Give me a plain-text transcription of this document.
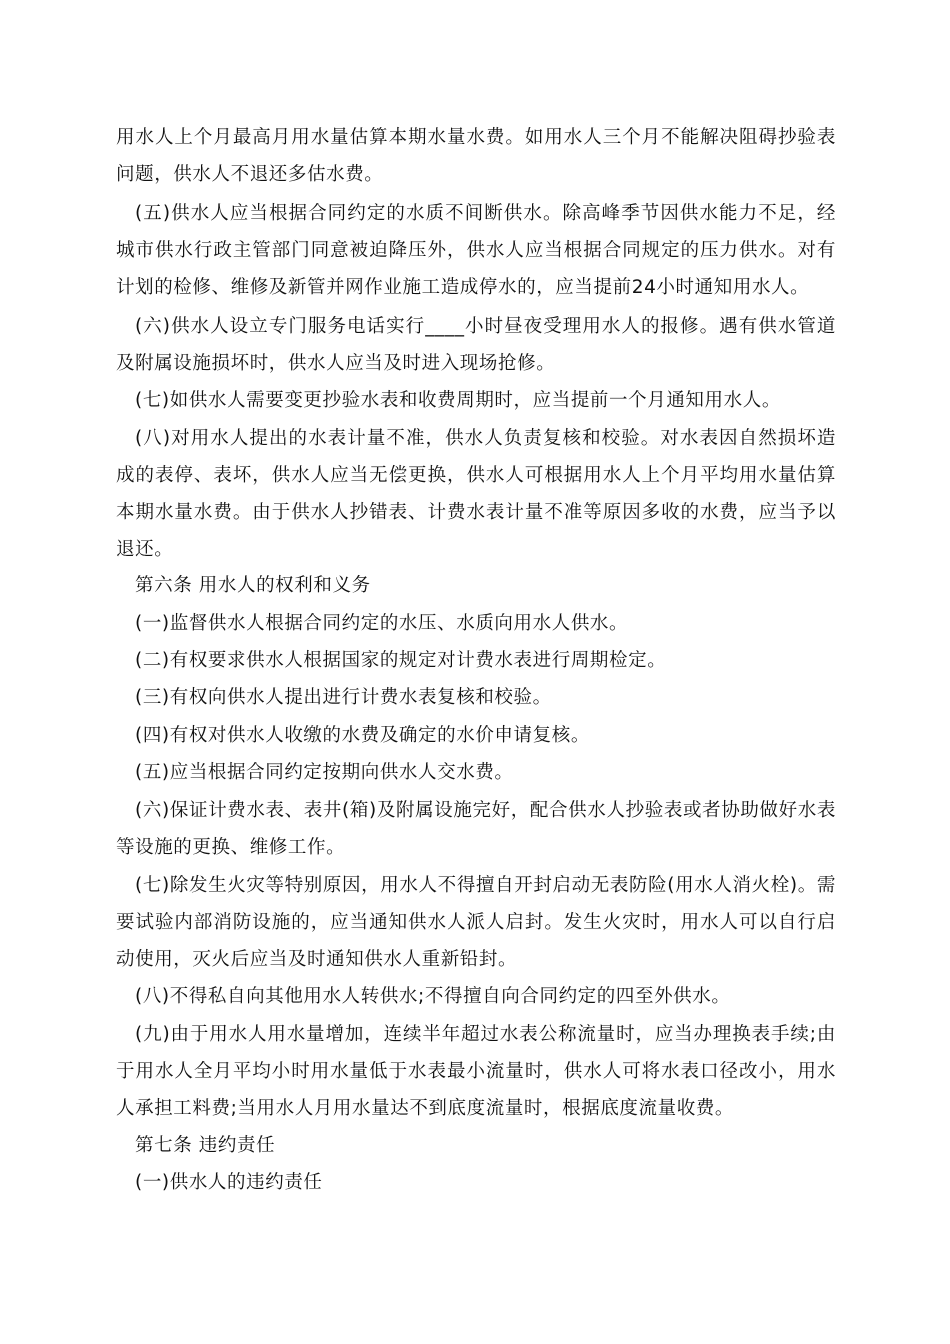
用水人上个月最高月用水量估算本期水量水费。如用水人三个月不能解决阻碍抄验表问题，供水人不退还多估水费。

(五)供水人应当根据合同约定的水质不间断供水。除高峰季节因供水能力不足，经城市供水行政主管部门同意被迫降压外，供水人应当根据合同规定的压力供水。对有计划的检修、维修及新管并网作业施工造成停水的，应当提前24小时通知用水人。

(六)供水人设立专门服务电话实行____小时昼夜受理用水人的报修。遇有供水管道及附属设施损坏时，供水人应当及时进入现场抢修。

(七)如供水人需要变更抄验水表和收费周期时，应当提前一个月通知用水人。

(八)对用水人提出的水表计量不准，供水人负责复核和校验。对水表因自然损坏造成的表停、表坏，供水人应当无偿更换，供水人可根据用水人上个月平均用水量估算本期水量水费。由于供水人抄错表、计费水表计量不准等原因多收的水费，应当予以退还。

第六条 用水人的权利和义务

(一)监督供水人根据合同约定的水压、水质向用水人供水。

(二)有权要求供水人根据国家的规定对计费水表进行周期检定。

(三)有权向供水人提出进行计费水表复核和校验。

(四)有权对供水人收缴的水费及确定的水价申请复核。

(五)应当根据合同约定按期向供水人交水费。

(六)保证计费水表、表井(箱)及附属设施完好，配合供水人抄验表或者协助做好水表等设施的更换、维修工作。

(七)除发生火灾等特别原因，用水人不得擅自开封启动无表防险(用水人消火栓)。需要试验内部消防设施的，应当通知供水人派人启封。发生火灾时，用水人可以自行启动使用，灭火后应当及时通知供水人重新铅封。

(八)不得私自向其他用水人转供水;不得擅自向合同约定的四至外供水。

(九)由于用水人用水量增加，连续半年超过水表公称流量时，应当办理换表手续;由于用水人全月平均小时用水量低于水表最小流量时，供水人可将水表口径改小，用水人承担工料费;当用水人月用水量达不到底度流量时，根据底度流量收费。

第七条 违约责任

(一)供水人的违约责任
